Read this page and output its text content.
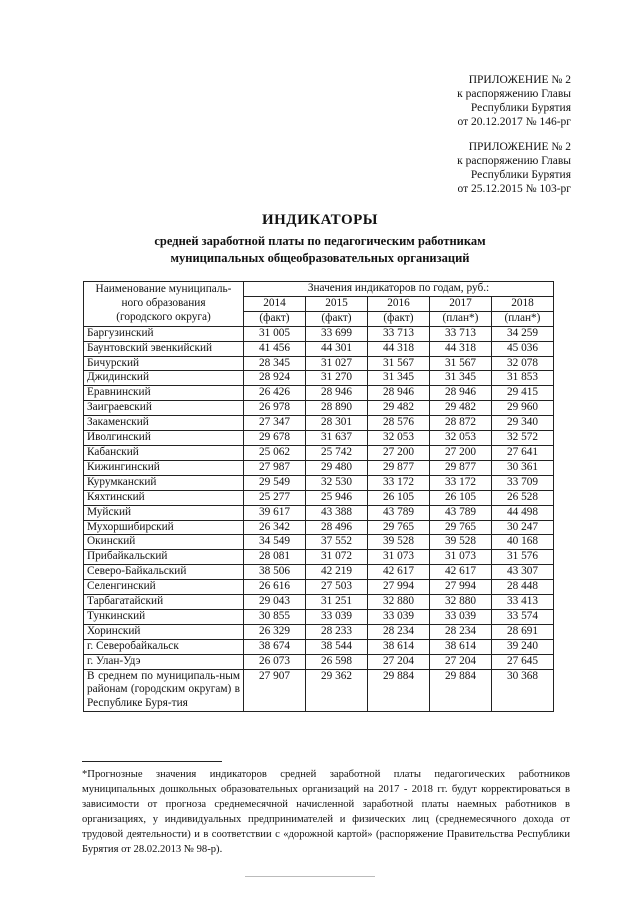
ПРИЛОЖЕНИЕ № 2
к распоряжению Главы
Республики Бурятия
от 20.12.2017 № 146-рг
ПРИЛОЖЕНИЕ № 2
к распоряжению Главы
Республики Бурятия
от 25.12.2015 № 103-рг
ИНДИКАТОРЫ
средней заработной платы по педагогическим работникам
муниципальных общеобразовательных организаций
Наименование муниципаль-
ного образования
(городского округа)	Значения индикаторов по годам, руб.:				
	2014	2015	2016	2017	2018
	(факт)	(факт)	(факт)	(план*)	(план*)
Баргузинский	31 005	33 699	33 713	33 713	34 259
Баунтовский эвенкийский	41 456	44 301	44 318	44 318	45 036
Бичурский	28 345	31 027	31 567	31 567	32 078
Джидинский	28 924	31 270	31 345	31 345	31 853
Еравнинский	26 426	28 946	28 946	28 946	29 415
Заиграевский	26 978	28 890	29 482	29 482	29 960
Закаменский	27 347	28 301	28 576	28 872	29 340
Иволгинский	29 678	31 637	32 053	32 053	32 572
Кабанский	25 062	25 742	27 200	27 200	27 641
Кижингинский	27 987	29 480	29 877	29 877	30 361
Курумканский	29 549	32 530	33 172	33 172	33 709
Кяхтинский	25 277	25 946	26 105	26 105	26 528
Муйский	39 617	43 388	43 789	43 789	44 498
Мухоршибирский	26 342	28 496	29 765	29 765	30 247
Окинский	34 549	37 552	39 528	39 528	40 168
Прибайкальский	28 081	31 072	31 073	31 073	31 576
Северо-Байкальский	38 506	42 219	42 617	42 617	43 307
Селенгинский	26 616	27 503	27 994	27 994	28 448
Тарбагатайский	29 043	31 251	32 880	32 880	33 413
Тункинский	30 855	33 039	33 039	33 039	33 574
Хоринский	26 329	28 233	28 234	28 234	28 691
г. Северобайкальск	38 674	38 544	38 614	38 614	39 240
г. Улан-Удэ	26 073	26 598	27 204	27 204	27 645
В среднем по муниципаль-ным районам (городским округам) в Республике Буря-тия	27 907	29 362	29 884	29 884	30 368
*Прогнозные значения индикаторов средней заработной платы педагогических работников муниципальных дошкольных образовательных организаций на 2017 - 2018 гг. будут корректироваться в зависимости от прогноза среднемесячной начисленной заработной платы наемных работников в организациях, у индивидуальных предпринимателей и физических лиц (среднемесячного дохода от трудовой деятельности) и в соответствии с «дорожной картой» (распоряжение Правительства Республики Бурятия от 28.02.2013 № 98-р).
